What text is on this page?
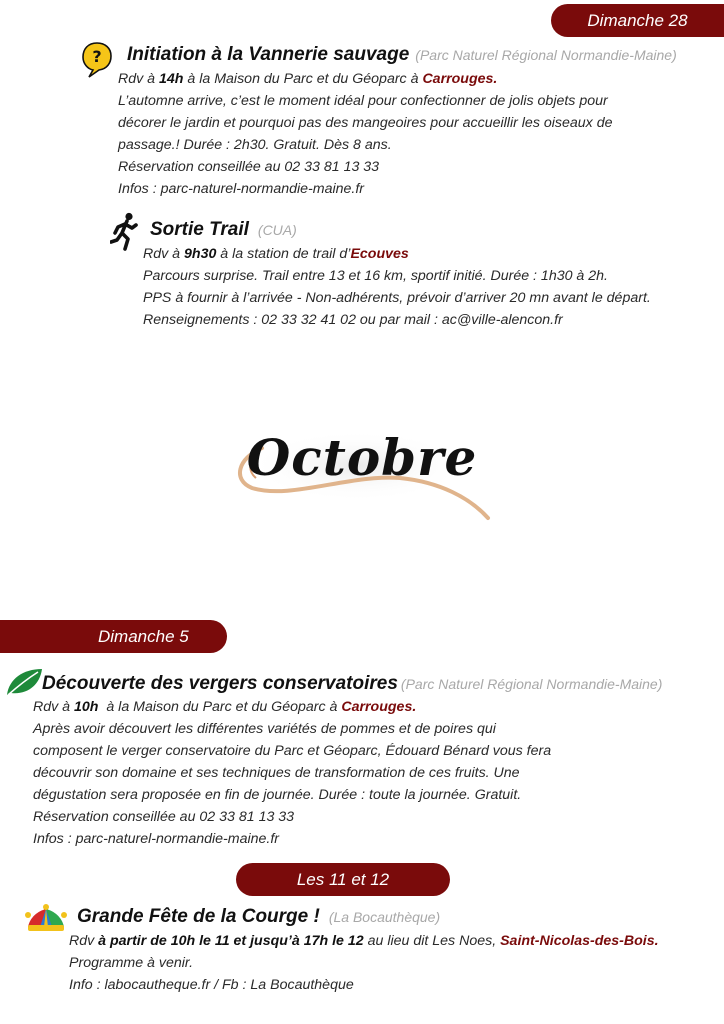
Dimanche 28
? Initiation à la Vannerie sauvage (Parc Naturel Régional Normandie-Maine)
Rdv à 14h à la Maison du Parc et du Géoparc à Carrouges.
L’automne arrive, c’est le moment idéal pour confectionner de jolis objets pour
décorer le jardin et pourquoi pas des mangeoires pour accueillir les oiseaux de
passage.! Durée : 2h30. Gratuit. Dès 8 ans.
Réservation conseillée au 02 33 81 13 33
Infos : parc-naturel-normandie-maine.fr
Sortie Trail (CUA)
Rdv à 9h30 à la station de trail d’Ecouves
Parcours surprise. Trail entre 13 et 16 km, sportif initié. Durée : 1h30 à 2h.
PPS à fournir à l’arrivée - Non-adhérents, prévoir d’arriver 20 mn avant le départ.
Renseignements : 02 33 32 41 02 ou par mail : ac@ville-alencon.fr
Octobre
Dimanche 5
Découverte des vergers conservatoires (Parc Naturel Régional Normandie-Maine)
Rdv à 10h  à la Maison du Parc et du Géoparc à Carrouges.
Après avoir découvert les différentes variétés de pommes et de poires qui
composent le verger conservatoire du Parc et Géoparc, Édouard Bénard vous fera
découvrir son domaine et ses techniques de transformation de ces fruits. Une
dégustation sera proposée en fin de journée. Durée : toute la journée. Gratuit.
Réservation conseillée au 02 33 81 13 33
Infos : parc-naturel-normandie-maine.fr
Les 11 et 12
Grande Fête de la Courge ! (La Bocauthèque)
Rdv à partir de 10h le 11 et jusqu’à 17h le 12 au lieu dit Les Noes, Saint-Nicolas-des-Bois.
Programme à venir.
Info : labocautheque.fr / Fb : La Bocauthèque
